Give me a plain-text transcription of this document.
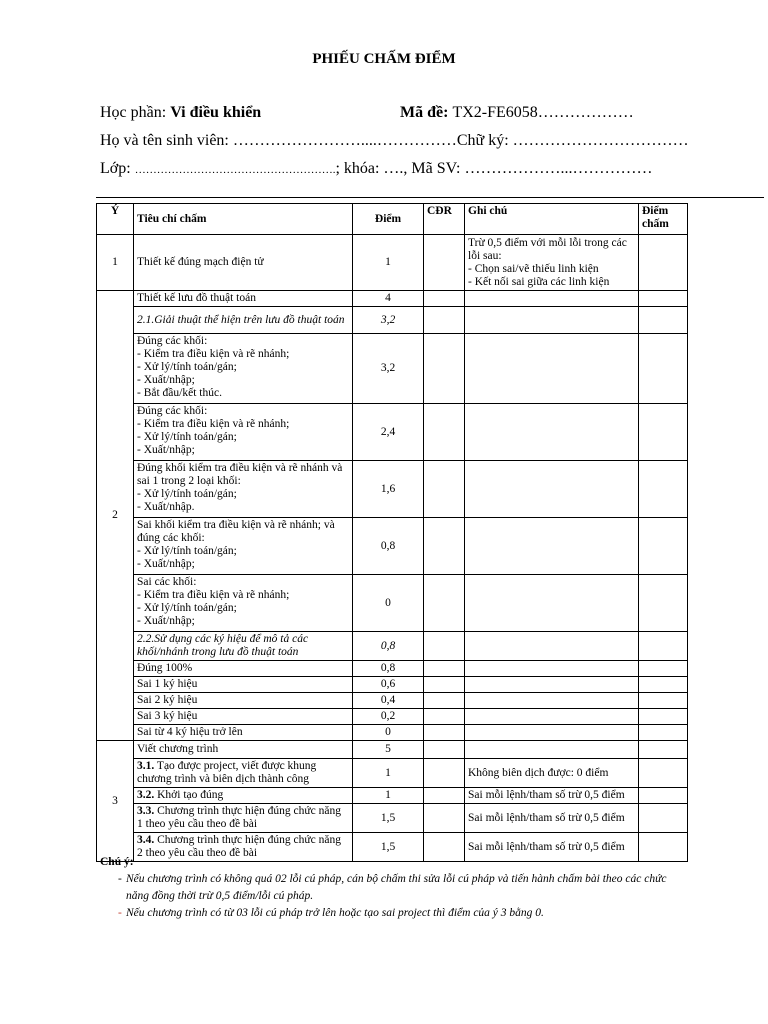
PHIẾU CHẤM ĐIỂM
Học phần: Vi điều khiển	Mã đề: TX2-FE6058………………
Họ và tên sinh viên: ……………………....……………Chữ ký: ……………………………
Lớp: ……………………………………………….; khóa: …., Mã SV: ………………...……………
Ý	Tiêu chí chấm	Điểm	CĐR	Ghi chú	Điểm chấm
1	Thiết kế đúng mạch điện tử	1		Trừ 0,5 điểm với mỗi lỗi trong các lỗi sau:
- Chọn sai/vẽ thiếu linh kiện
- Kết nối sai giữa các linh kiện	
2	Thiết kế lưu đồ thuật toán	4			
	2.1.Giải thuật thể hiện trên lưu đồ thuật toán	3,2			
	Đúng các khối:
- Kiểm tra điều kiện và rẽ nhánh;
- Xử lý/tính toán/gán;
- Xuất/nhập;
- Bắt đầu/kết thúc.	3,2			
	Đúng các khối:
- Kiểm tra điều kiện và rẽ nhánh;
- Xử lý/tính toán/gán;
- Xuất/nhập;	2,4			
	Đúng khối kiểm tra điều kiện và rẽ nhánh và sai 1 trong 2 loại khối:
- Xử lý/tính toán/gán;
- Xuất/nhập.	1,6			
	Sai khối kiểm tra điều kiện và rẽ nhánh; và đúng các khối:
- Xử lý/tính toán/gán;
- Xuất/nhập;	0,8			
	Sai các khối:
- Kiểm tra điều kiện và rẽ nhánh;
- Xử lý/tính toán/gán;
- Xuất/nhập;	0			
	2.2.Sử dụng các ký hiệu để mô tả các khối/nhánh trong lưu đồ thuật toán	0,8			
	Đúng 100%	0,8			
	Sai 1 ký hiệu	0,6			
	Sai 2 ký hiệu	0,4			
	Sai 3 ký hiệu	0,2			
	Sai từ 4 ký hiệu trở lên	0			
3	Viết chương trình	5			
	3.1. Tạo được project, viết được khung chương trình và biên dịch thành công	1		Không biên dịch được: 0 điểm	
	3.2. Khởi tạo đúng	1		Sai mỗi lệnh/tham số trừ 0,5 điểm	
	3.3. Chương trình thực hiện đúng chức năng 1 theo yêu cầu theo đề bài	1,5		Sai mỗi lệnh/tham số trừ 0,5 điểm	
	3.4. Chương trình thực hiện đúng chức năng 2 theo yêu cầu theo đề bài	1,5		Sai mỗi lệnh/tham số trừ 0,5 điểm	
Chú ý:
- Nếu chương trình có không quá 02 lỗi cú pháp, cán bộ chấm thi sửa lỗi cú pháp và tiến hành chấm bài theo các chức năng đồng thời trừ 0,5 điểm/lỗi cú pháp.
- Nếu chương trình có từ 03 lỗi cú pháp trở lên hoặc tạo sai project thì điểm của ý 3 bằng 0.
